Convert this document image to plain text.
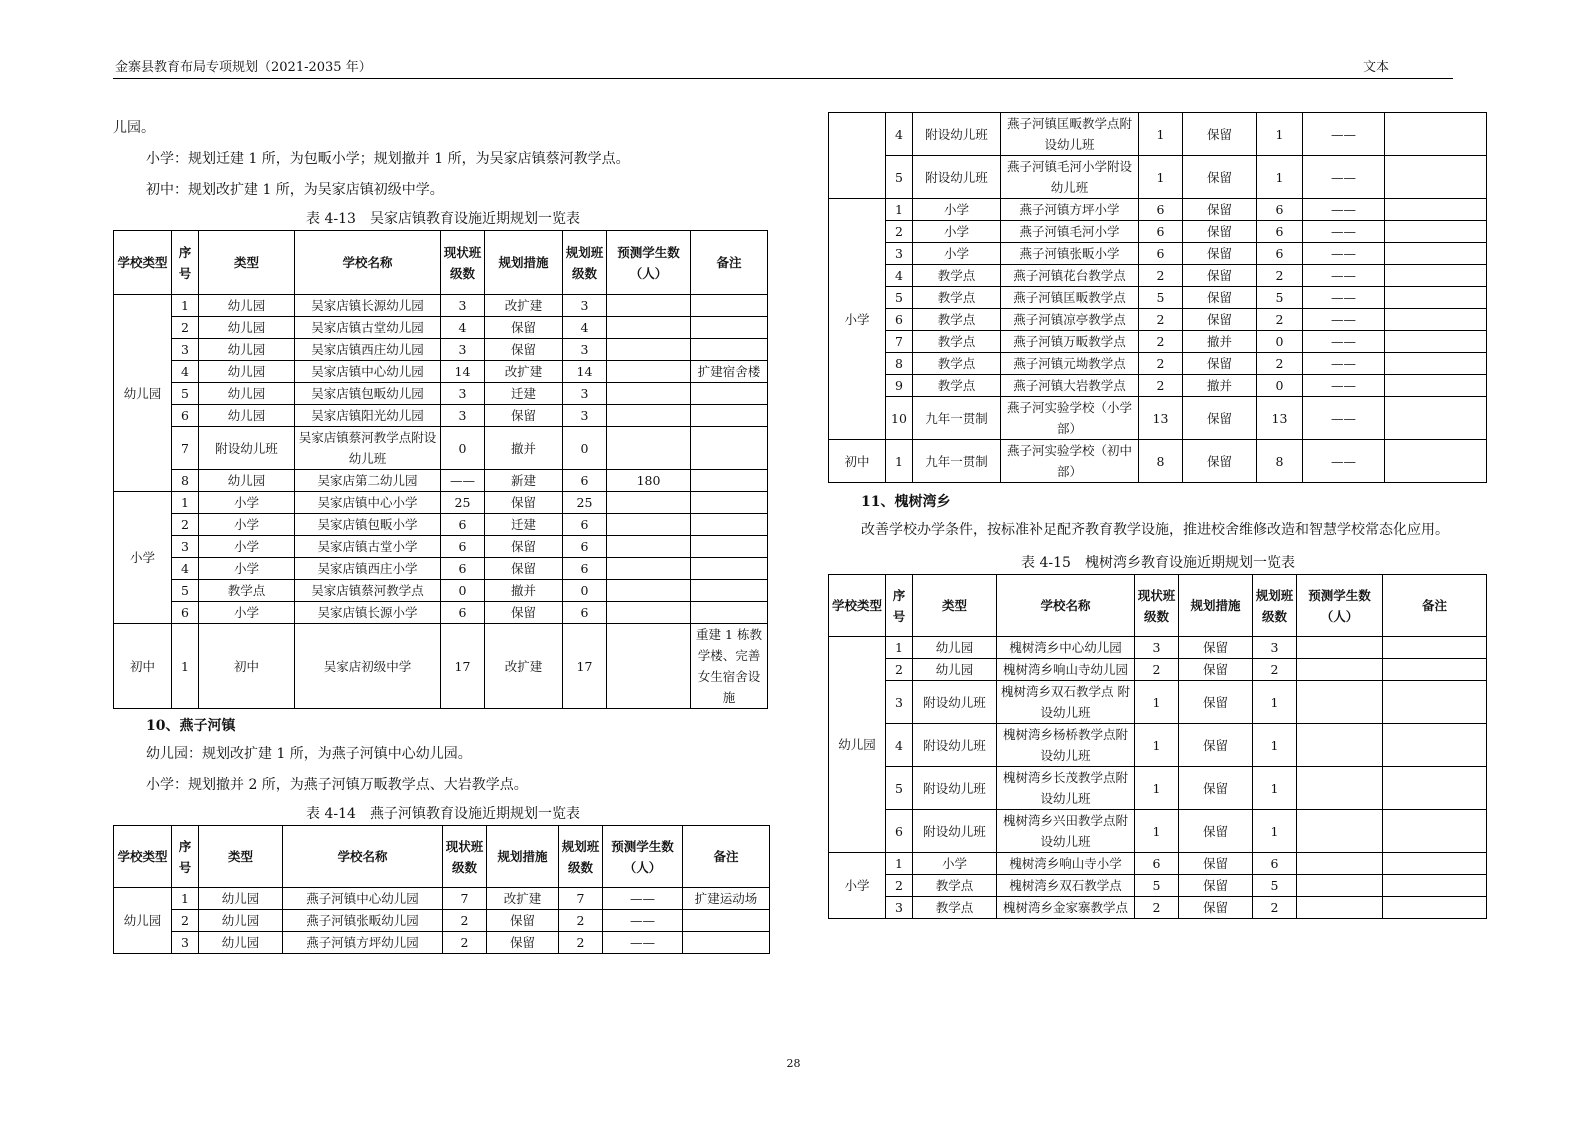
金寨县教育布局专项规划（2021-2035 年）	文本

儿园。

小学：规划迁建 1 所，为包畈小学；规划撤并 1 所，为吴家店镇蔡河教学点。

初中：规划改扩建 1 所，为吴家店镇初级中学。

表 4-13　吴家店镇教育设施近期规划一览表

学校类型	序号	类型	学校名称	现状班级数	规划措施	规划班级数	预测学生数（人）	备注
幼儿园	1	幼儿园	吴家店镇长源幼儿园	3	改扩建	3		
	2	幼儿园	吴家店镇古堂幼儿园	4	保留	4		
	3	幼儿园	吴家店镇西庄幼儿园	3	保留	3		
	4	幼儿园	吴家店镇中心幼儿园	14	改扩建	14		扩建宿舍楼
	5	幼儿园	吴家店镇包畈幼儿园	3	迁建	3		
	6	幼儿园	吴家店镇阳光幼儿园	3	保留	3		
	7	附设幼儿班	吴家店镇蔡河教学点附设幼儿班	0	撤并	0		
	8	幼儿园	吴家店第二幼儿园	——	新建	6	180	
小学	1	小学	吴家店镇中心小学	25	保留	25		
	2	小学	吴家店镇包畈小学	6	迁建	6		
	3	小学	吴家店镇古堂小学	6	保留	6		
	4	小学	吴家店镇西庄小学	6	保留	6		
	5	教学点	吴家店镇蔡河教学点	0	撤并	0		
	6	小学	吴家店镇长源小学	6	保留	6		
初中	1	初中	吴家店初级中学	17	改扩建	17		重建 1 栋教学楼、完善女生宿舍设施

10、燕子河镇

幼儿园：规划改扩建 1 所，为燕子河镇中心幼儿园。

小学：规划撤并 2 所，为燕子河镇万畈教学点、大岩教学点。

表 4-14　燕子河镇教育设施近期规划一览表

学校类型	序号	类型	学校名称	现状班级数	规划措施	规划班级数	预测学生数（人）	备注
幼儿园	1	幼儿园	燕子河镇中心幼儿园	7	改扩建	7	——	扩建运动场
	2	幼儿园	燕子河镇张畈幼儿园	2	保留	2	——	
	3	幼儿园	燕子河镇方坪幼儿园	2	保留	2	——	
	4	附设幼儿班	燕子河镇匡畈教学点附设幼儿班	1	保留	1	——	
	5	附设幼儿班	燕子河镇毛河小学附设幼儿班	1	保留	1	——	
小学	1	小学	燕子河镇方坪小学	6	保留	6	——	
	2	小学	燕子河镇毛河小学	6	保留	6	——	
	3	小学	燕子河镇张畈小学	6	保留	6	——	
	4	教学点	燕子河镇花台教学点	2	保留	2	——	
	5	教学点	燕子河镇匡畈教学点	5	保留	5	——	
	6	教学点	燕子河镇凉亭教学点	2	保留	2	——	
	7	教学点	燕子河镇万畈教学点	2	撤并	0	——	
	8	教学点	燕子河镇元坳教学点	2	保留	2	——	
	9	教学点	燕子河镇大岩教学点	2	撤并	0	——	
	10	九年一贯制	燕子河实验学校（小学部）	13	保留	13	——	
初中	1	九年一贯制	燕子河实验学校（初中部）	8	保留	8	——	

11、槐树湾乡

改善学校办学条件，按标准补足配齐教育教学设施，推进校舍维修改造和智慧学校常态化应用。

表 4-15　槐树湾乡教育设施近期规划一览表

学校类型	序号	类型	学校名称	现状班级数	规划措施	规划班级数	预测学生数（人）	备注
幼儿园	1	幼儿园	槐树湾乡中心幼儿园	3	保留	3		
	2	幼儿园	槐树湾乡响山寺幼儿园	2	保留	2		
	3	附设幼儿班	槐树湾乡双石教学点 附设幼儿班	1	保留	1		
	4	附设幼儿班	槐树湾乡杨桥教学点附设幼儿班	1	保留	1		
	5	附设幼儿班	槐树湾乡长茂教学点附设幼儿班	1	保留	1		
	6	附设幼儿班	槐树湾乡兴田教学点附设幼儿班	1	保留	1		
小学	1	小学	槐树湾乡响山寺小学	6	保留	6		
	2	教学点	槐树湾乡双石教学点	5	保留	5		
	3	教学点	槐树湾乡金家寨教学点	2	保留	2		
28
